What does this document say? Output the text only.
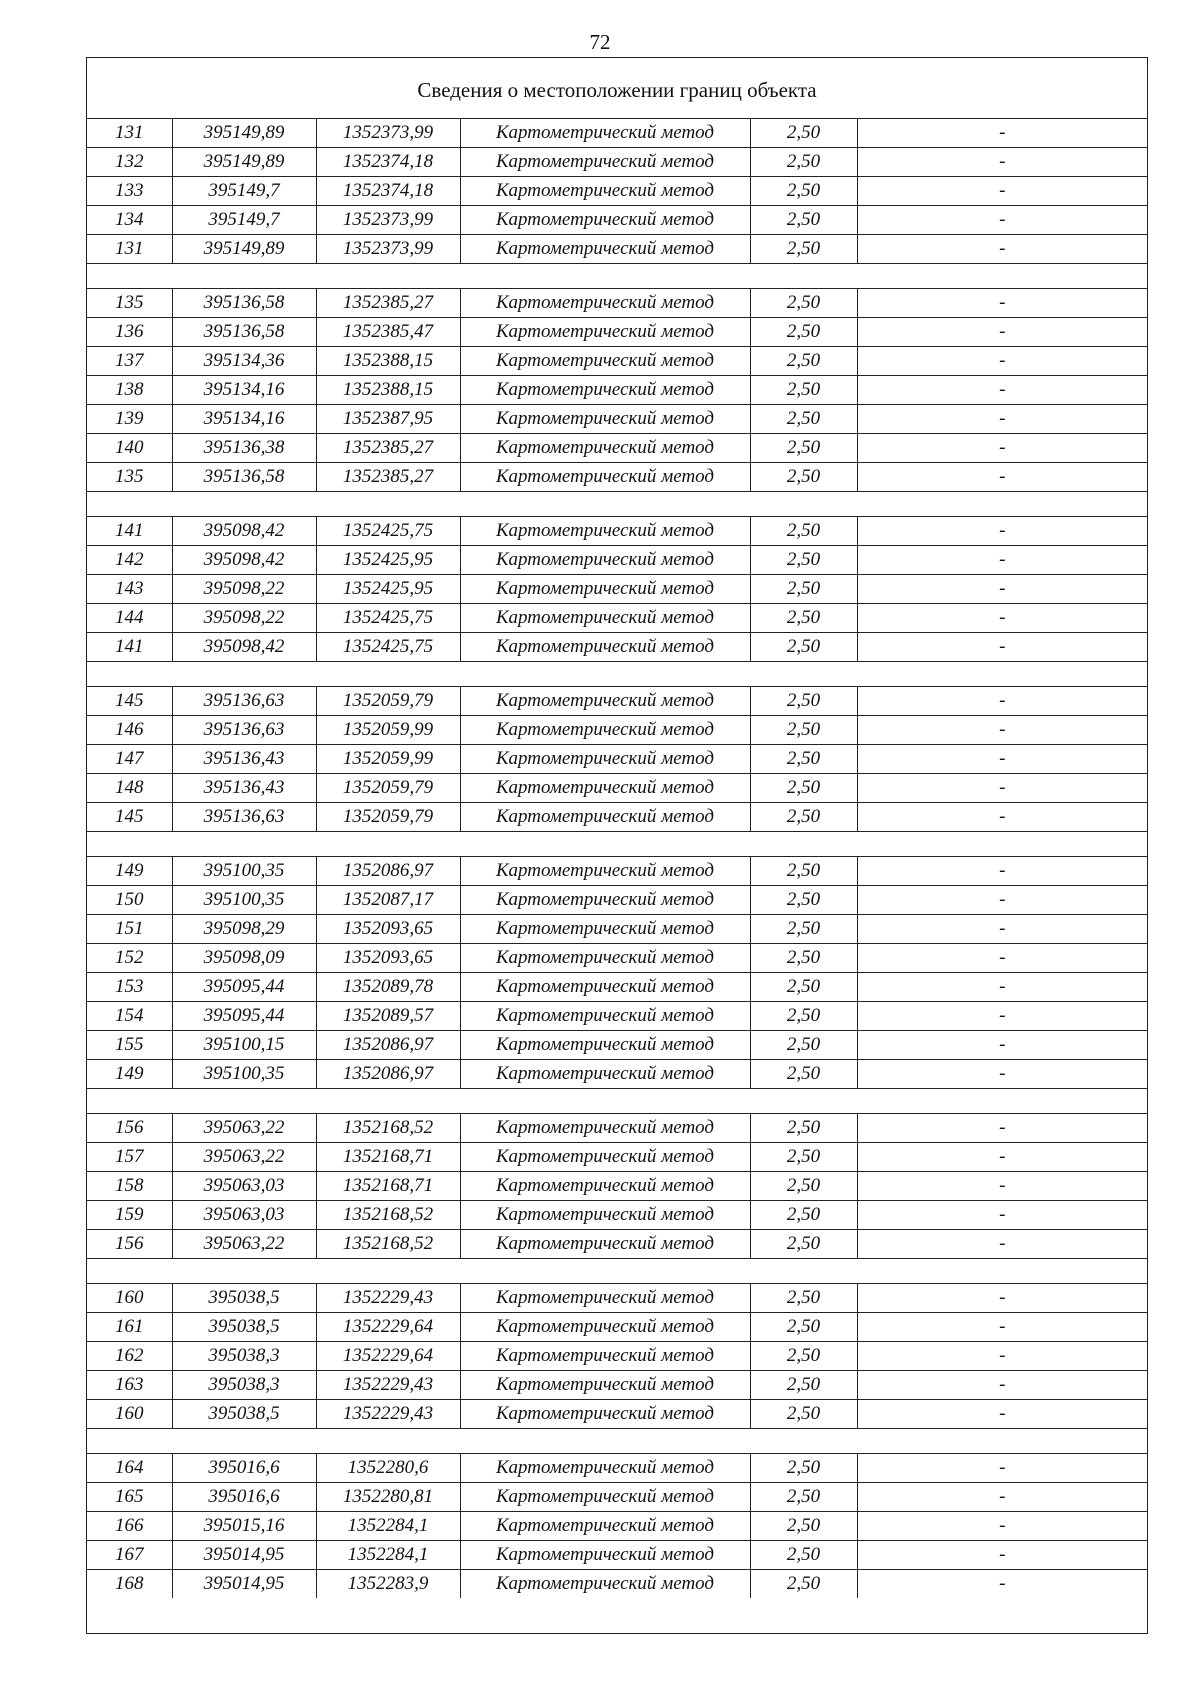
72
Сведения о местоположении границ объекта
131	395149,89	1352373,99	Картометрический метод	2,50	-
132	395149,89	1352374,18	Картометрический метод	2,50	-
133	395149,7	1352374,18	Картометрический метод	2,50	-
134	395149,7	1352373,99	Картометрический метод	2,50	-
131	395149,89	1352373,99	Картометрический метод	2,50	-

135	395136,58	1352385,27	Картометрический метод	2,50	-
136	395136,58	1352385,47	Картометрический метод	2,50	-
137	395134,36	1352388,15	Картометрический метод	2,50	-
138	395134,16	1352388,15	Картометрический метод	2,50	-
139	395134,16	1352387,95	Картометрический метод	2,50	-
140	395136,38	1352385,27	Картометрический метод	2,50	-
135	395136,58	1352385,27	Картометрический метод	2,50	-

141	395098,42	1352425,75	Картометрический метод	2,50	-
142	395098,42	1352425,95	Картометрический метод	2,50	-
143	395098,22	1352425,95	Картометрический метод	2,50	-
144	395098,22	1352425,75	Картометрический метод	2,50	-
141	395098,42	1352425,75	Картометрический метод	2,50	-

145	395136,63	1352059,79	Картометрический метод	2,50	-
146	395136,63	1352059,99	Картометрический метод	2,50	-
147	395136,43	1352059,99	Картометрический метод	2,50	-
148	395136,43	1352059,79	Картометрический метод	2,50	-
145	395136,63	1352059,79	Картометрический метод	2,50	-

149	395100,35	1352086,97	Картометрический метод	2,50	-
150	395100,35	1352087,17	Картометрический метод	2,50	-
151	395098,29	1352093,65	Картометрический метод	2,50	-
152	395098,09	1352093,65	Картометрический метод	2,50	-
153	395095,44	1352089,78	Картометрический метод	2,50	-
154	395095,44	1352089,57	Картометрический метод	2,50	-
155	395100,15	1352086,97	Картометрический метод	2,50	-
149	395100,35	1352086,97	Картометрический метод	2,50	-

156	395063,22	1352168,52	Картометрический метод	2,50	-
157	395063,22	1352168,71	Картометрический метод	2,50	-
158	395063,03	1352168,71	Картометрический метод	2,50	-
159	395063,03	1352168,52	Картометрический метод	2,50	-
156	395063,22	1352168,52	Картометрический метод	2,50	-

160	395038,5	1352229,43	Картометрический метод	2,50	-
161	395038,5	1352229,64	Картометрический метод	2,50	-
162	395038,3	1352229,64	Картометрический метод	2,50	-
163	395038,3	1352229,43	Картометрический метод	2,50	-
160	395038,5	1352229,43	Картометрический метод	2,50	-

164	395016,6	1352280,6	Картометрический метод	2,50	-
165	395016,6	1352280,81	Картометрический метод	2,50	-
166	395015,16	1352284,1	Картометрический метод	2,50	-
167	395014,95	1352284,1	Картометрический метод	2,50	-
168	395014,95	1352283,9	Картометрический метод	2,50	-
